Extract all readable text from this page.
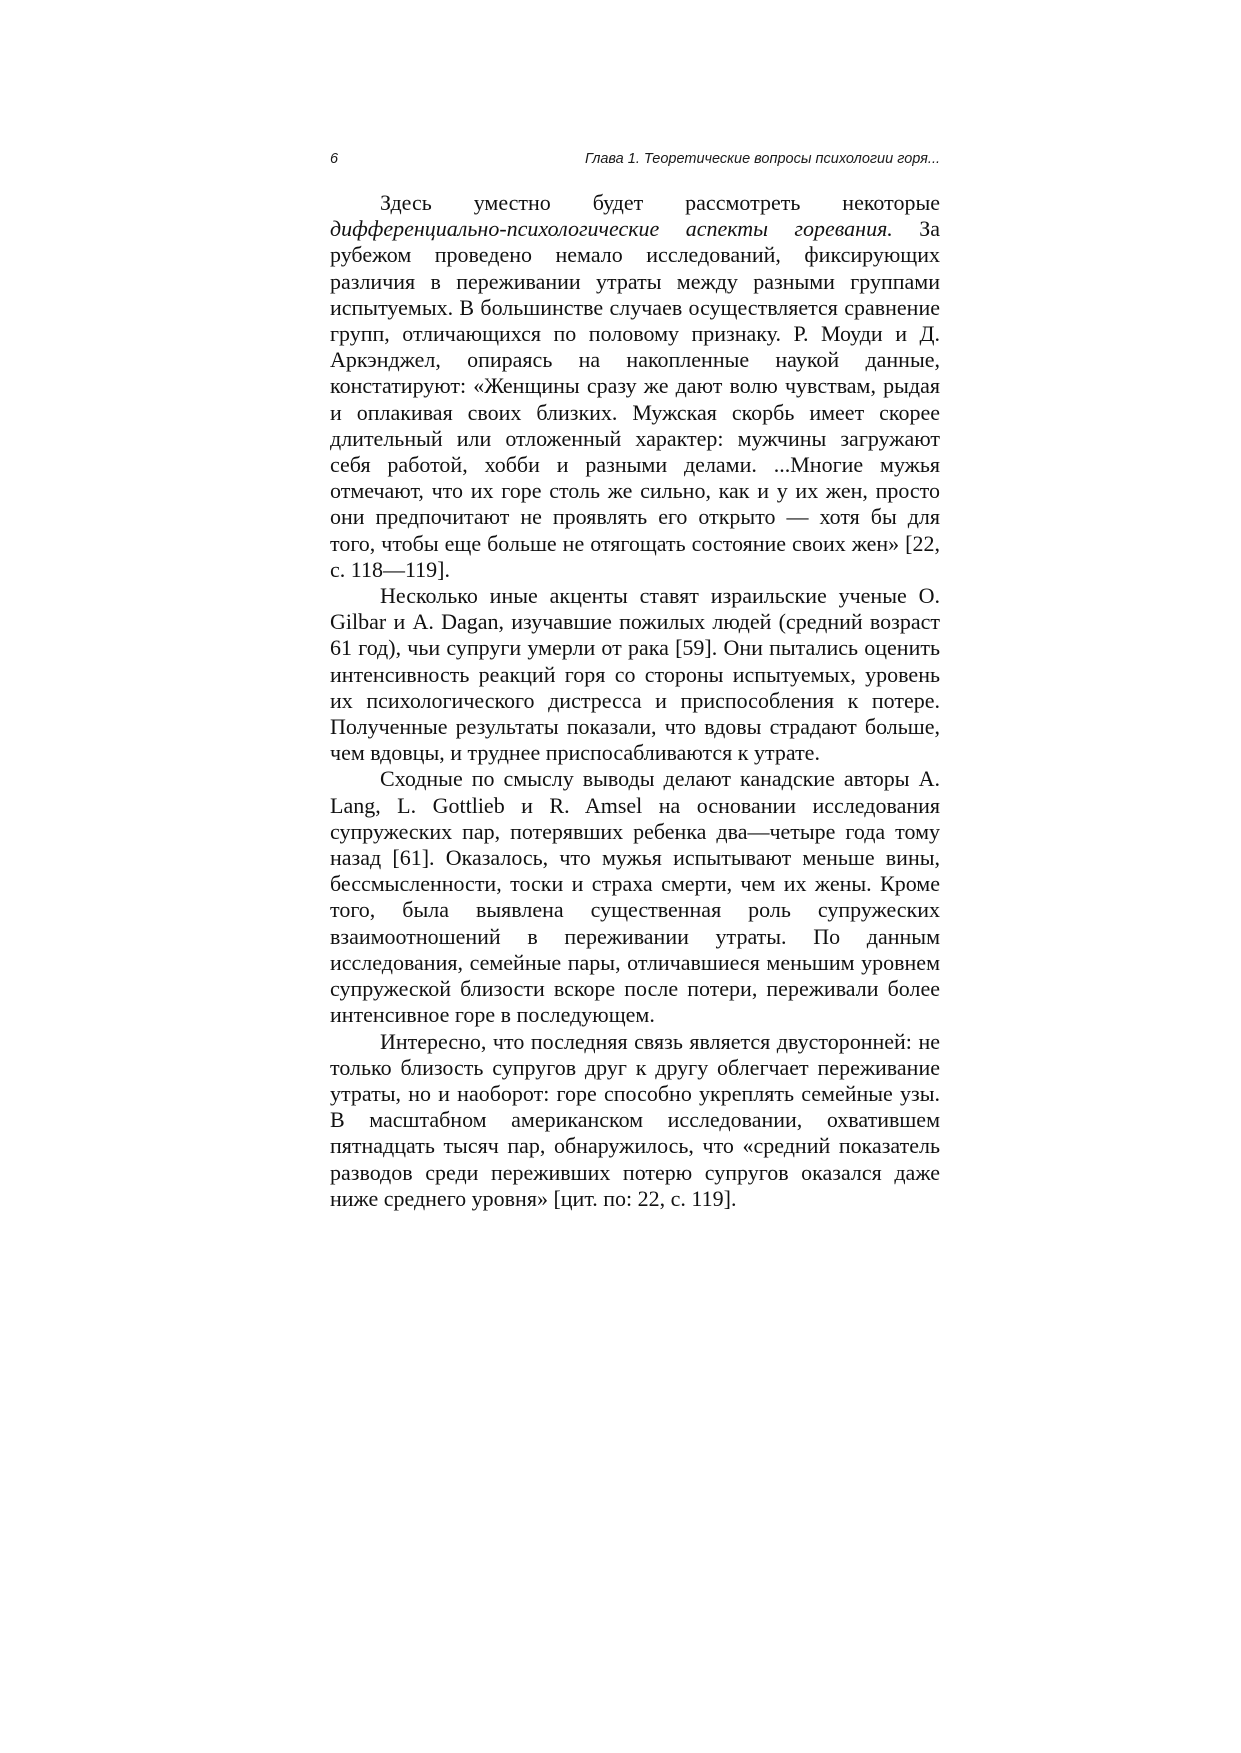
6	Глава 1. Теоретические вопросы психологии горя...

Здесь уместно будет рассмотреть некоторые дифференциально-психологические аспекты горевания. За рубежом проведено немало исследований, фиксирующих различия в переживании утраты между разными группами испытуемых. В большинстве случаев осуществляется сравнение групп, отличающихся по половому признаку. Р. Моуди и Д. Аркэнджел, опираясь на накопленные наукой данные, констатируют: «Женщины сразу же дают волю чувствам, рыдая и оплакивая своих близких. Мужская скорбь имеет скорее длительный или отложенный характер: мужчины загружают себя работой, хобби и разными делами. ...Многие мужья отмечают, что их горе столь же сильно, как и у их жен, просто они предпочитают не проявлять его открыто — хотя бы для того, чтобы еще больше не отягощать состояние своих жен» [22, с. 118—119].

Несколько иные акценты ставят израильские ученые O. Gilbar и A. Dagan, изучавшие пожилых людей (средний возраст 61 год), чьи супруги умерли от рака [59]. Они пытались оценить интенсивность реакций горя со стороны испытуемых, уровень их психологического дистресса и приспособления к потере. Полученные результаты показали, что вдовы страдают больше, чем вдовцы, и труднее приспосабливаются к утрате.

Сходные по смыслу выводы делают канадские авторы A. Lang, L. Gottlieb и R. Amsel на основании исследования супружеских пар, потерявших ребенка два—четыре года тому назад [61]. Оказалось, что мужья испытывают меньше вины, бессмысленности, тоски и страха смерти, чем их жены. Кроме того, была выявлена существенная роль супружеских взаимоотношений в переживании утраты. По данным исследования, семейные пары, отличавшиеся меньшим уровнем супружеской близости вскоре после потери, переживали более интенсивное горе в последующем.

Интересно, что последняя связь является двусторонней: не только близость супругов друг к другу облегчает переживание утраты, но и наоборот: горе способно укреплять семейные узы. В масштабном американском исследовании, охватившем пятнадцать тысяч пар, обнаружилось, что «средний показатель разводов среди переживших потерю супругов оказался даже ниже среднего уровня» [цит. по: 22, с. 119].
